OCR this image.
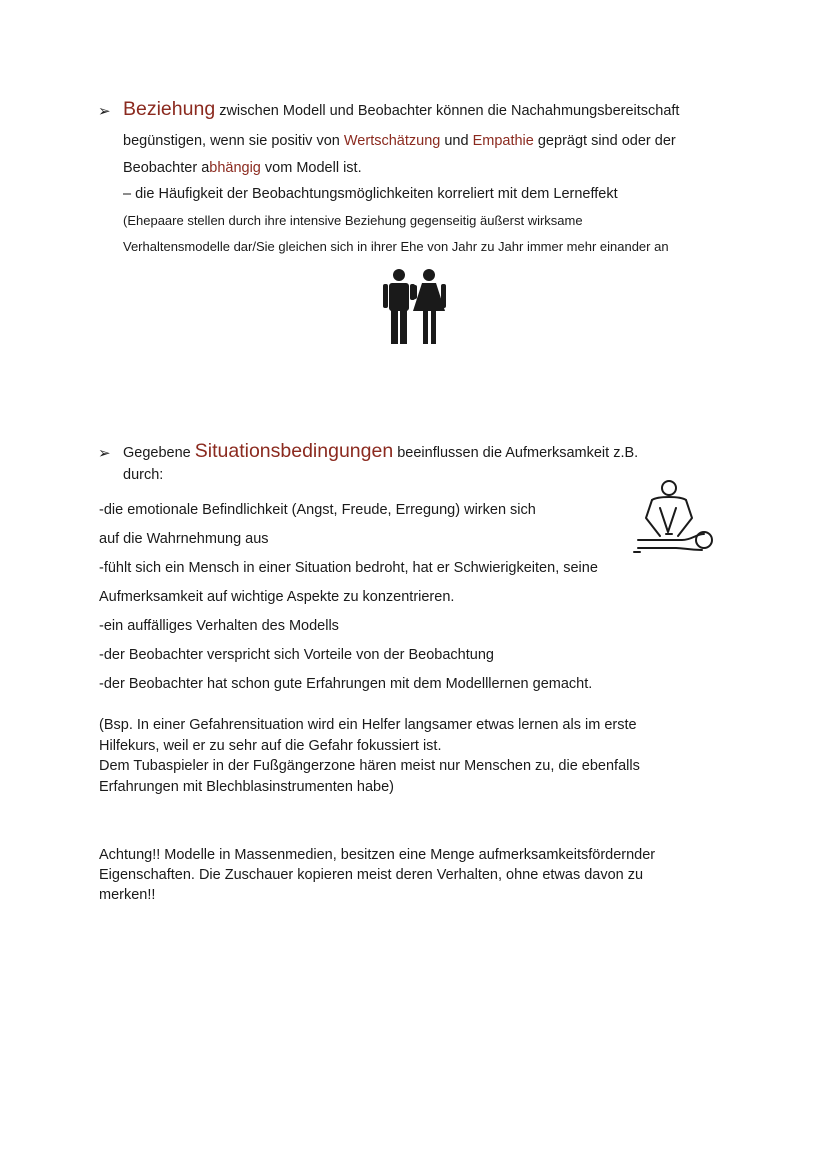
➢ Beziehung zwischen Modell und Beobachter können die Nachahmungsbereitschaft
begünstigen, wenn sie positiv von Wertschätzung und Empathie geprägt sind oder der
Beobachter abhängig vom Modell ist.
– die Häufigkeit der Beobachtungsmöglichkeiten korreliert mit dem Lerneffekt
(Ehepaare stellen durch ihre intensive Beziehung gegenseitig äußerst wirksame
Verhaltensmodelle dar/Sie gleichen sich in ihrer Ehe von Jahr zu Jahr immer mehr einander an
➢ Gegebene Situationsbedingungen beeinflussen die Aufmerksamkeit z.B.
durch:
-die emotionale Befindlichkeit (Angst, Freude, Erregung) wirken sich
auf die Wahrnehmung aus
-fühlt sich ein Mensch in einer Situation bedroht, hat er Schwierigkeiten, seine
Aufmerksamkeit auf wichtige Aspekte zu konzentrieren.
-ein auffälliges Verhalten des Modells
-der Beobachter verspricht sich Vorteile von der Beobachtung
-der Beobachter hat schon gute Erfahrungen mit dem Modelllernen gemacht.
(Bsp. In einer Gefahrensituation wird ein Helfer langsamer etwas lernen als im erste
Hilfekurs, weil er zu sehr auf die Gefahr fokussiert ist.
Dem Tubaspieler in der Fußgängerzone hären meist nur Menschen zu, die ebenfalls
Erfahrungen mit Blechblasinstrumenten habe)
Achtung!! Modelle in Massenmedien, besitzen eine Menge aufmerksamkeitsfördernder
Eigenschaften. Die Zuschauer kopieren meist deren Verhalten, ohne etwas davon zu
merken!!
